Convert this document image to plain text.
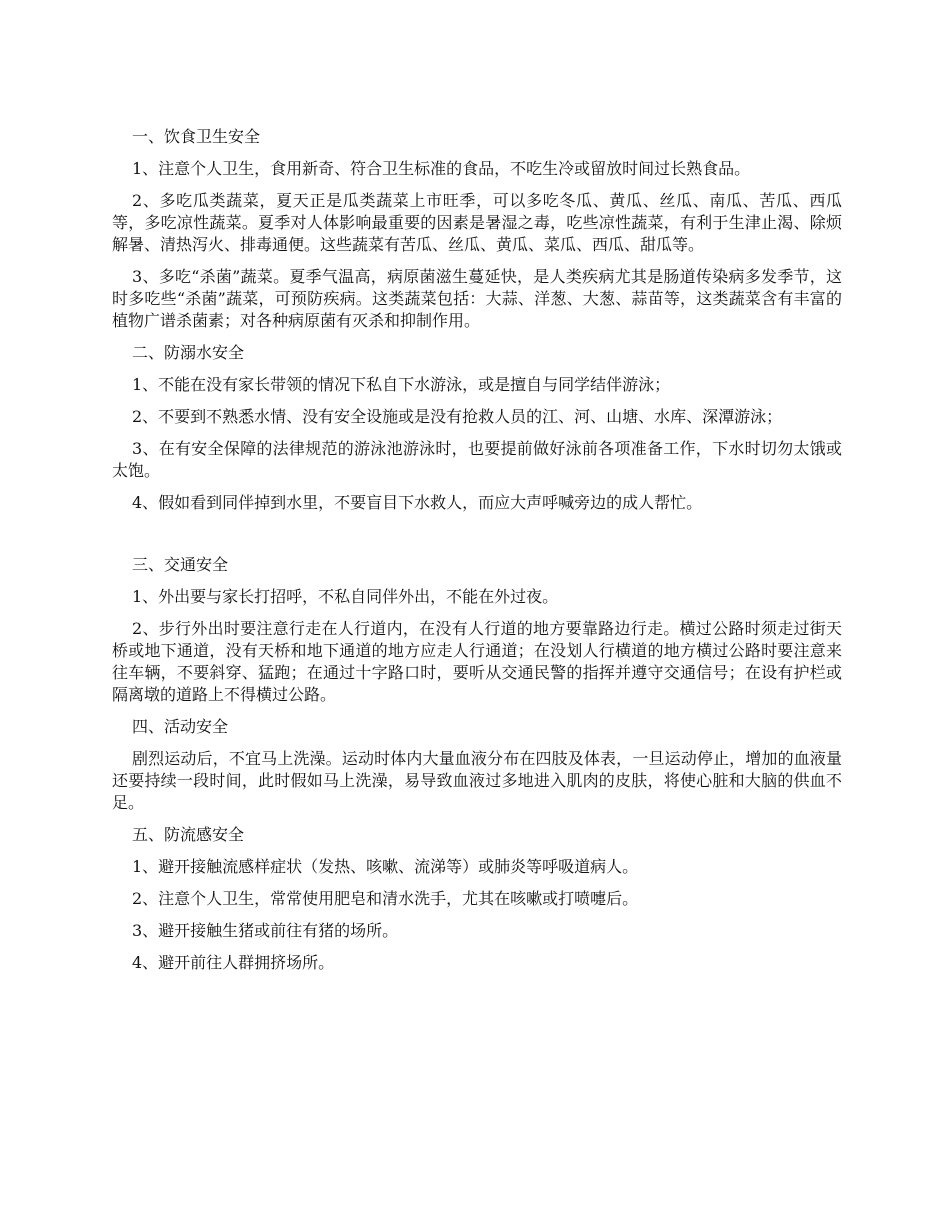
一、饮食卫生安全

1、注意个人卫生，食用新奇、符合卫生标准的食品，不吃生冷或留放时间过长熟食品。

2、多吃瓜类蔬菜，夏天正是瓜类蔬菜上市旺季，可以多吃冬瓜、黄瓜、丝瓜、南瓜、苦瓜、西瓜等，多吃凉性蔬菜。夏季对人体影响最重要的因素是暑湿之毒，吃些凉性蔬菜，有利于生津止渴、除烦解暑、清热泻火、排毒通便。这些蔬菜有苦瓜、丝瓜、黄瓜、菜瓜、西瓜、甜瓜等。

3、多吃“杀菌”蔬菜。夏季气温高，病原菌滋生蔓延快，是人类疾病尤其是肠道传染病多发季节，这时多吃些“杀菌”蔬菜，可预防疾病。这类蔬菜包括：大蒜、洋葱、大葱、蒜苗等，这类蔬菜含有丰富的植物广谱杀菌素；对各种病原菌有灭杀和抑制作用。

二、防溺水安全

1、不能在没有家长带领的情况下私自下水游泳，或是擅自与同学结伴游泳；

2、不要到不熟悉水情、没有安全设施或是没有抢救人员的江、河、山塘、水库、深潭游泳；

3、在有安全保障的法律规范的游泳池游泳时，也要提前做好泳前各项准备工作，下水时切勿太饿或太饱。

4、假如看到同伴掉到水里，不要盲目下水救人，而应大声呼喊旁边的成人帮忙。

三、交通安全

1、外出要与家长打招呼，不私自同伴外出，不能在外过夜。

2、步行外出时要注意行走在人行道内，在没有人行道的地方要靠路边行走。横过公路时须走过街天桥或地下通道，没有天桥和地下通道的地方应走人行通道；在没划人行横道的地方横过公路时要注意来往车辆，不要斜穿、猛跑；在通过十字路口时，要听从交通民警的指挥并遵守交通信号；在设有护栏或隔离墩的道路上不得横过公路。

四、活动安全

剧烈运动后，不宜马上洗澡。运动时体内大量血液分布在四肢及体表，一旦运动停止，增加的血液量还要持续一段时间，此时假如马上洗澡，易导致血液过多地进入肌肉的皮肤，将使心脏和大脑的供血不足。

五、防流感安全

1、避开接触流感样症状（发热、咳嗽、流涕等）或肺炎等呼吸道病人。

2、注意个人卫生，常常使用肥皂和清水洗手，尤其在咳嗽或打喷嚏后。

3、避开接触生猪或前往有猪的场所。

4、避开前往人群拥挤场所。
